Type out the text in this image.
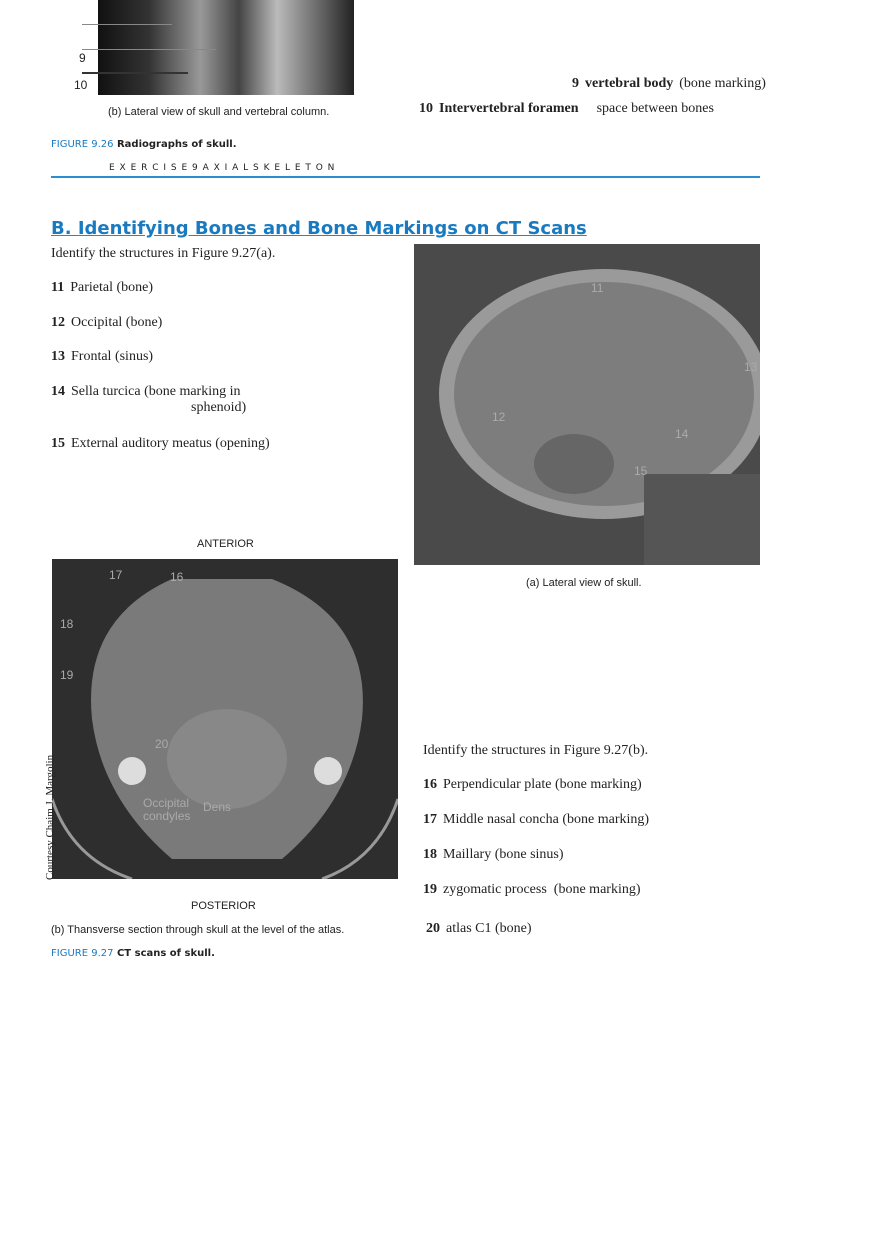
9
10
(b) Lateral view of skull and vertebral column.
9 vertebral body (bone marking)
10 Intervertebral foramen space between bones
FIGURE 9.26 Radiographs of skull.
E X E R C I S E 9 A X I A L S K E L E T O N
B. Identifying Bones and Bone Markings on CT Scans
Identify the structures in Figure 9.27(a).
11 Parietal (bone)
12 Occipital (bone)
13 Frontal (sinus)
14 Sella turcica (bone marking in
sphenoid)
15 External auditory meatus (opening)
11
12
13
14
15
(a) Lateral view of skull.
ANTERIOR
17	16
18
19
20
Occipital
condyles
Dens
Courtesy Chaim J. Margolin
POSTERIOR
(b) Thansverse section through skull at the level of the atlas.
Identify the structures in Figure 9.27(b).
16 Perpendicular plate (bone marking)
17 Middle nasal concha (bone marking)
18 Maillary (bone sinus)
19 zygomatic process  (bone marking)
20 atlas C1 (bone)
FIGURE 9.27 CT scans of skull.
